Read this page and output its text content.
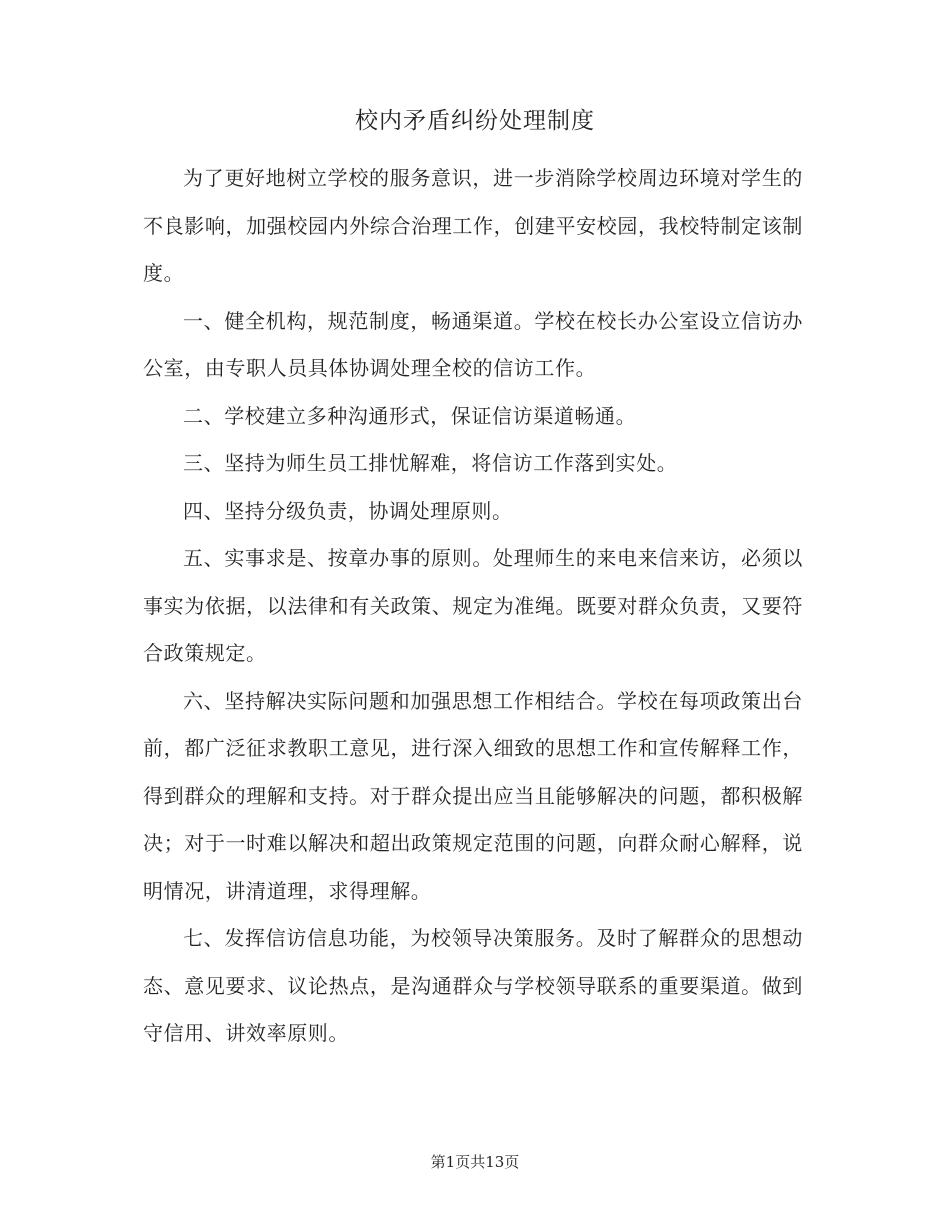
校内矛盾纠纷处理制度

为了更好地树立学校的服务意识，进一步消除学校周边环境对学生的不良影响，加强校园内外综合治理工作，创建平安校园，我校特制定该制度。

一、健全机构，规范制度，畅通渠道。学校在校长办公室设立信访办公室，由专职人员具体协调处理全校的信访工作。

二、学校建立多种沟通形式，保证信访渠道畅通。

三、坚持为师生员工排忧解难，将信访工作落到实处。

四、坚持分级负责，协调处理原则。

五、实事求是、按章办事的原则。处理师生的来电来信来访，必须以事实为依据，以法律和有关政策、规定为准绳。既要对群众负责，又要符合政策规定。

六、坚持解决实际问题和加强思想工作相结合。学校在每项政策出台前，都广泛征求教职工意见，进行深入细致的思想工作和宣传解释工作，得到群众的理解和支持。对于群众提出应当且能够解决的问题，都积极解决；对于一时难以解决和超出政策规定范围的问题，向群众耐心解释，说明情况，讲清道理，求得理解。

七、发挥信访信息功能，为校领导决策服务。及时了解群众的思想动态、意见要求、议论热点，是沟通群众与学校领导联系的重要渠道。做到守信用、讲效率原则。

第1页共13页
